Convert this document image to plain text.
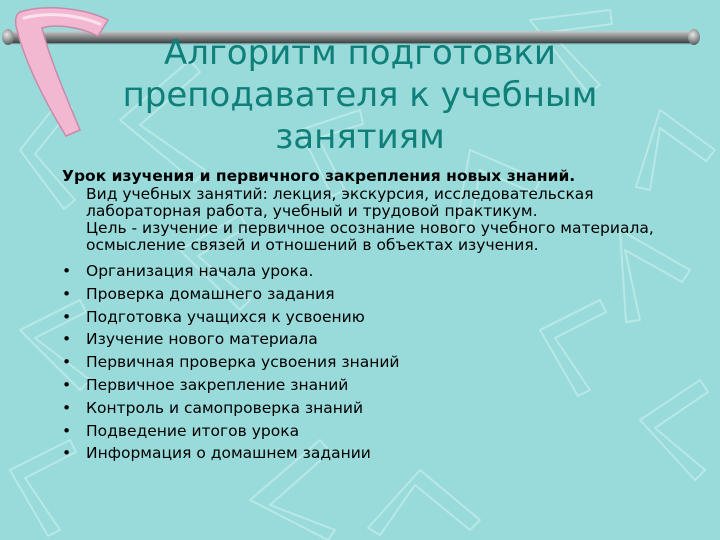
Алгоритм подготовки преподавателя к учебным занятиям
Урок изучения и первичного закрепления новых знаний.

Вид учебных занятий: лекция, экскурсия, исследовательская лабораторная работа, учебный и трудовой практикум.

Цель - изучение и первичное осознание нового учебного материала, осмысление связей и отношений в объектах изучения.

• Организация начала урока.
• Проверка домашнего задания
• Подготовка учащихся к усвоению
• Изучение нового материала
• Первичная проверка усвоения знаний
• Первичное закрепление знаний
• Контроль и самопроверка знаний
• Подведение итогов урока
• Информация о домашнем задании
